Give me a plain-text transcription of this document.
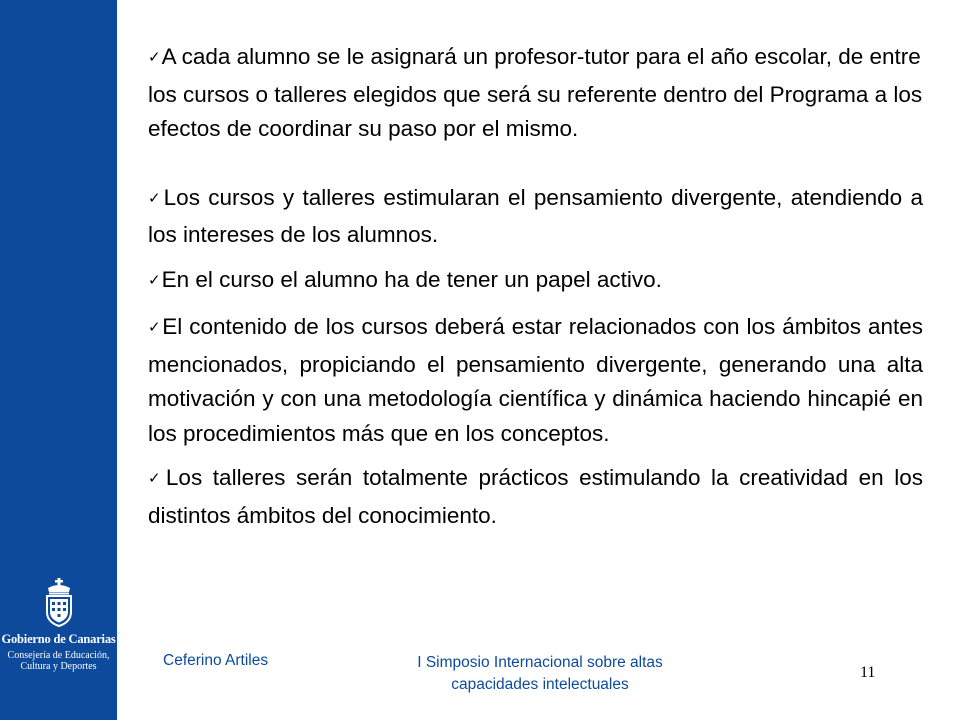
Gobierno de Canarias
Consejería de Educación,
Cultura y Deportes

✓A cada alumno se le asignará un profesor-tutor para el año escolar, de entre los cursos o talleres elegidos que será su referente dentro del Programa a los efectos de coordinar su paso por el mismo.

✓Los cursos y talleres estimularan el pensamiento divergente, atendiendo a los intereses de los alumnos.

✓En el curso el alumno ha de tener un papel activo.

✓El contenido de los cursos deberá estar relacionados con los ámbitos antes mencionados, propiciando el pensamiento divergente, generando una alta motivación y con una metodología científica y dinámica haciendo hincapié en los procedimientos más que en los conceptos.

✓Los talleres serán totalmente prácticos estimulando la creatividad en los distintos ámbitos del conocimiento.

Ceferino Artiles	I Simposio Internacional sobre altas
capacidades intelectuales
11
